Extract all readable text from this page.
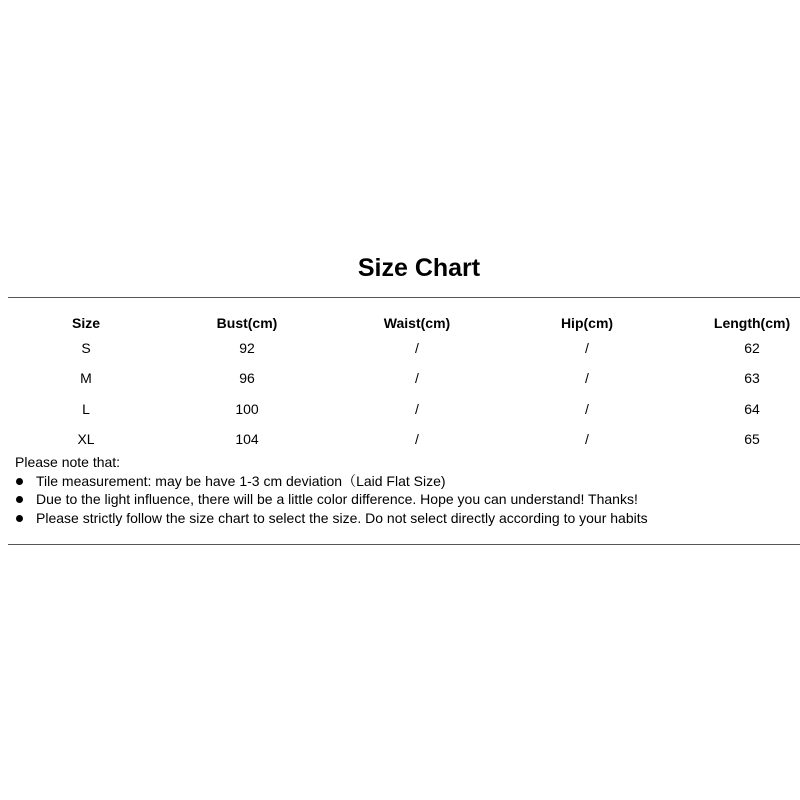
Size Chart
Size	Bust(cm)	Waist(cm)	Hip(cm)	Length(cm)
S	92	/	/	62
M	96	/	/	63
L	100	/	/	64
XL	104	/	/	65
Please note that:
Tile measurement: may be have 1-3 cm deviation（Laid Flat Size)
Due to the light influence, there will be a little color difference. Hope you can understand! Thanks!
Please strictly follow the size chart to select the size. Do not select directly according to your habits
